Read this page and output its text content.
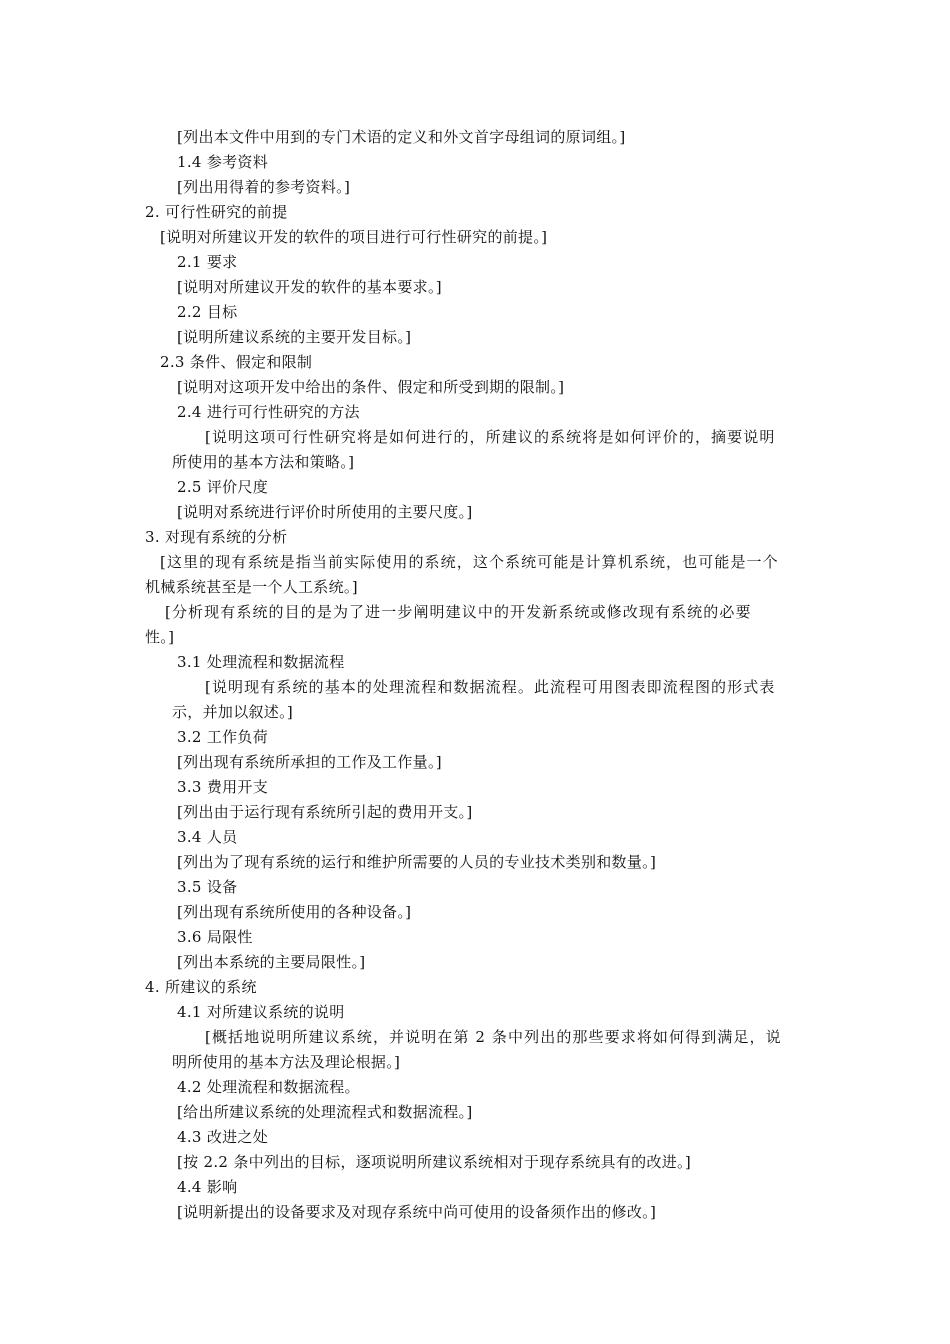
[列出本文件中用到的专门术语的定义和外文首字母组词的原词组。]
1.4 参考资料
[列出用得着的参考资料。]
2. 可行性研究的前提
[说明对所建议开发的软件的项目进行可行性研究的前提。]
2.1 要求
[说明对所建议开发的软件的基本要求。]
2.2 目标
[说明所建议系统的主要开发目标。]
2.3 条件、假定和限制
[说明对这项开发中给出的条件、假定和所受到期的限制。]
2.4 进行可行性研究的方法
[说明这项可行性研究将是如何进行的，所建议的系统将是如何评价的，摘要说明
所使用的基本方法和策略。]
2.5 评价尺度
[说明对系统进行评价时所使用的主要尺度。]
3. 对现有系统的分析
[这里的现有系统是指当前实际使用的系统，这个系统可能是计算机系统，也可能是一个
机械系统甚至是一个人工系统。]
[分析现有系统的目的是为了进一步阐明建议中的开发新系统或修改现有系统的必要
性。]
3.1 处理流程和数据流程
[说明现有系统的基本的处理流程和数据流程。此流程可用图表即流程图的形式表
示，并加以叙述。]
3.2 工作负荷
[列出现有系统所承担的工作及工作量。]
3.3 费用开支
[列出由于运行现有系统所引起的费用开支。]
3.4 人员
[列出为了现有系统的运行和维护所需要的人员的专业技术类别和数量。]
3.5 设备
[列出现有系统所使用的各种设备。]
3.6 局限性
[列出本系统的主要局限性。]
4. 所建议的系统
4.1 对所建议系统的说明
[概括地说明所建议系统，并说明在第 2 条中列出的那些要求将如何得到满足，说
明所使用的基本方法及理论根据。]
4.2 处理流程和数据流程。
[给出所建议系统的处理流程式和数据流程。]
4.3 改进之处
[按 2.2 条中列出的目标，逐项说明所建议系统相对于现存系统具有的改进。]
4.4 影响
[说明新提出的设备要求及对现存系统中尚可使用的设备须作出的修改。]
